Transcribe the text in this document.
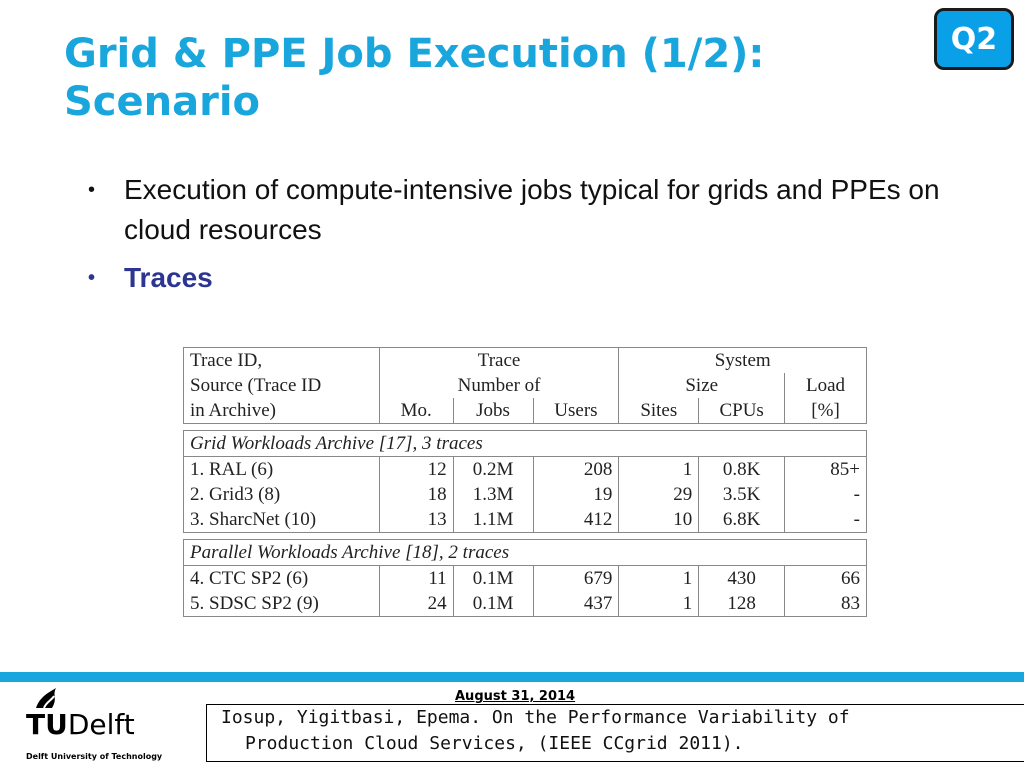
Grid & PPE Job Execution (1/2): Scenario
Q2
• Execution of compute-intensive jobs typical for grids and PPEs on cloud resources
• Traces
Trace ID,	Trace			System		
Source (Trace ID	Number of			Size		Load
in Archive)	Mo.	Jobs	Users	Sites	CPUs	[%]

Grid Workloads Archive [17], 3 traces						
1. RAL (6)	12	0.2M	208	1	0.8K	85+
2. Grid3 (8)	18	1.3M	19	29	3.5K	-
3. SharcNet (10)	13	1.1M	412	10	6.8K	-

Parallel Workloads Archive [18], 2 traces						
4. CTC SP2 (6)	11	0.1M	679	1	430	66
5. SDSC SP2 (9)	24	0.1M	437	1	128	83
TUDelft
Delft University of Technology
August 31, 2014
Iosup, Yigitbasi, Epema. On the Performance Variability of
Production Cloud Services, (IEEE CCgrid 2011).
